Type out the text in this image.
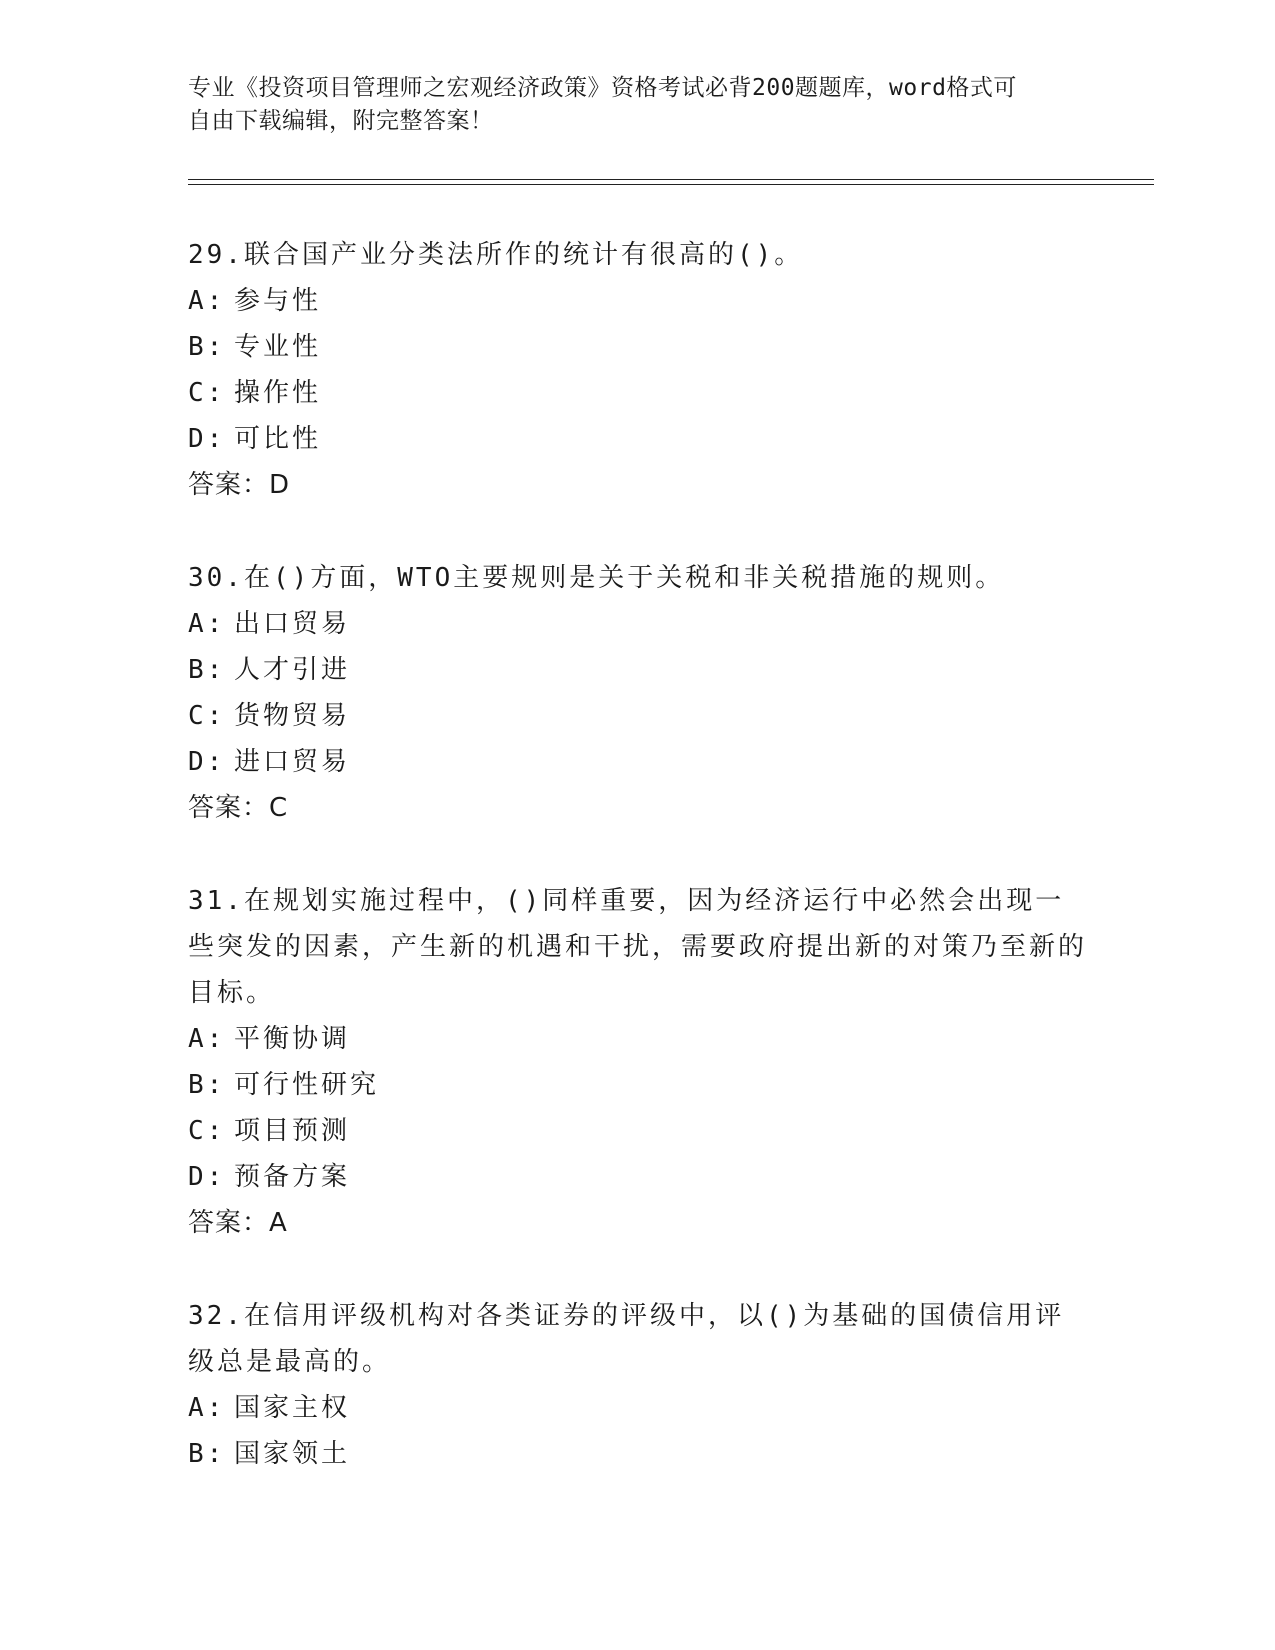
专业《投资项目管理师之宏观经济政策》资格考试必背200题题库，word格式可
自由下载编辑，附完整答案！
29.联合国产业分类法所作的统计有很高的()。
A: 参与性
B: 专业性
C: 操作性
D: 可比性
答案：D
30.在()方面，WTO主要规则是关于关税和非关税措施的规则。
A: 出口贸易
B: 人才引进
C: 货物贸易
D: 进口贸易
答案：C
31.在规划实施过程中，()同样重要，因为经济运行中必然会出现一些突发的因素，产生新的机遇和干扰，需要政府提出新的对策乃至新的目标。
A: 平衡协调
B: 可行性研究
C: 项目预测
D: 预备方案
答案：A
32.在信用评级机构对各类证券的评级中，以()为基础的国债信用评级总是最高的。
A: 国家主权
B: 国家领土
